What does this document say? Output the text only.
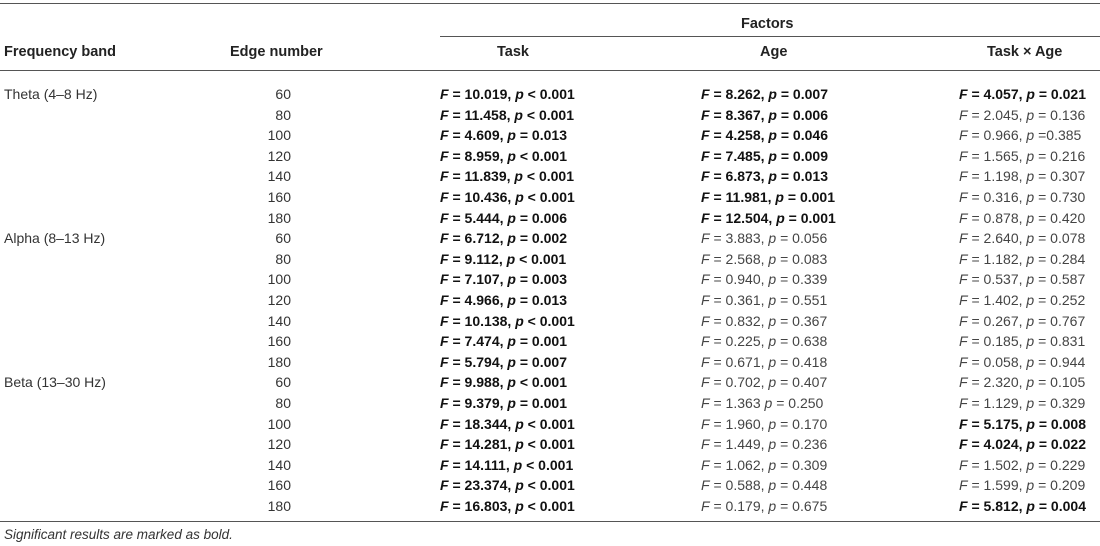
Factors
Frequency band	Edge number	Task	Age	Task × Age
Theta (4–8 Hz)	60		F = 10.019, p < 0.001	F = 8.262, p = 0.007	F = 4.057, p = 0.021
	80		F = 11.458, p < 0.001	F = 8.367, p = 0.006	F = 2.045, p = 0.136
	100		F = 4.609, p = 0.013	F = 4.258, p = 0.046	F = 0.966, p =0.385
	120		F = 8.959, p < 0.001	F = 7.485, p = 0.009	F = 1.565, p = 0.216
	140		F = 11.839, p < 0.001	F = 6.873, p = 0.013	F = 1.198, p = 0.307
	160		F = 10.436, p < 0.001	F = 11.981, p = 0.001	F = 0.316, p = 0.730
	180		F = 5.444, p = 0.006	F = 12.504, p = 0.001	F = 0.878, p = 0.420
Alpha (8–13 Hz)	60		F = 6.712, p = 0.002	F = 3.883, p = 0.056	F = 2.640, p = 0.078
	80		F = 9.112, p < 0.001	F = 2.568, p = 0.083	F = 1.182, p = 0.284
	100		F = 7.107, p = 0.003	F = 0.940, p = 0.339	F = 0.537, p = 0.587
	120		F = 4.966, p = 0.013	F = 0.361, p = 0.551	F = 1.402, p = 0.252
	140		F = 10.138, p < 0.001	F = 0.832, p = 0.367	F = 0.267, p = 0.767
	160		F = 7.474, p = 0.001	F = 0.225, p = 0.638	F = 0.185, p = 0.831
	180		F = 5.794, p = 0.007	F = 0.671, p = 0.418	F = 0.058, p = 0.944
Beta (13–30 Hz)	60		F = 9.988, p < 0.001	F = 0.702, p = 0.407	F = 2.320, p = 0.105
	80		F = 9.379, p = 0.001	F = 1.363 p = 0.250	F = 1.129, p = 0.329
	100		F = 18.344, p < 0.001	F = 1.960, p = 0.170	F = 5.175, p = 0.008
	120		F = 14.281, p < 0.001	F = 1.449, p = 0.236	F = 4.024, p = 0.022
	140		F = 14.111, p < 0.001	F = 1.062, p = 0.309	F = 1.502, p = 0.229
	160		F = 23.374, p < 0.001	F = 0.588, p = 0.448	F = 1.599, p = 0.209
	180		F = 16.803, p < 0.001	F = 0.179, p = 0.675	F = 5.812, p = 0.004
Significant results are marked as bold.
